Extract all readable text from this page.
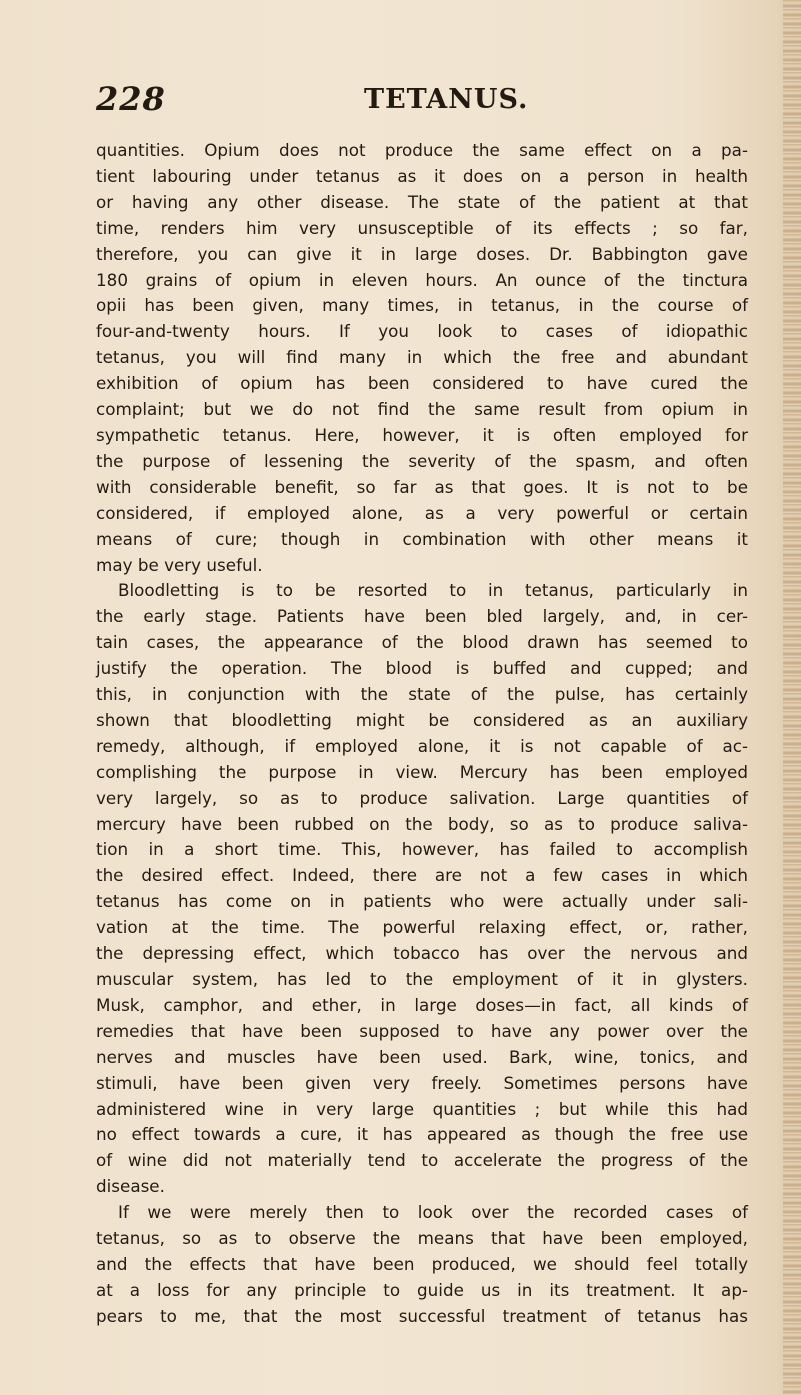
228	TETANUS.
quantities. Opium does not produce the same effect on a pa-
tient labouring under tetanus as it does on a person in health
or having any other disease. The state of the patient at that
time, renders him very unsusceptible of its effects ; so far,
therefore, you can give it in large doses. Dr. Babbington gave
180 grains of opium in eleven hours. An ounce of the tinctura
opii has been given, many times, in tetanus, in the course of
four-and-twenty hours. If you look to cases of idiopathic
tetanus, you will find many in which the free and abundant
exhibition of opium has been considered to have cured the
complaint; but we do not find the same result from opium in
sympathetic tetanus. Here, however, it is often employed for
the purpose of lessening the severity of the spasm, and often
with considerable benefit, so far as that goes. It is not to be
considered, if employed alone, as a very powerful or certain
means of cure; though in combination with other means it
may be very useful.
Bloodletting is to be resorted to in tetanus, particularly in
the early stage. Patients have been bled largely, and, in cer-
tain cases, the appearance of the blood drawn has seemed to
justify the operation. The blood is buffed and cupped; and
this, in conjunction with the state of the pulse, has certainly
shown that bloodletting might be considered as an auxiliary
remedy, although, if employed alone, it is not capable of ac-
complishing the purpose in view. Mercury has been employed
very largely, so as to produce salivation. Large quantities of
mercury have been rubbed on the body, so as to produce saliva-
tion in a short time. This, however, has failed to accomplish
the desired effect. Indeed, there are not a few cases in which
tetanus has come on in patients who were actually under sali-
vation at the time. The powerful relaxing effect, or, rather,
the depressing effect, which tobacco has over the nervous and
muscular system, has led to the employment of it in glysters.
Musk, camphor, and ether, in large doses—in fact, all kinds of
remedies that have been supposed to have any power over the
nerves and muscles have been used. Bark, wine, tonics, and
stimuli, have been given very freely. Sometimes persons have
administered wine in very large quantities ; but while this had
no effect towards a cure, it has appeared as though the free use
of wine did not materially tend to accelerate the progress of the
disease.
If we were merely then to look over the recorded cases of
tetanus, so as to observe the means that have been employed,
and the effects that have been produced, we should feel totally
at a loss for any principle to guide us in its treatment. It ap-
pears to me, that the most successful treatment of tetanus has
